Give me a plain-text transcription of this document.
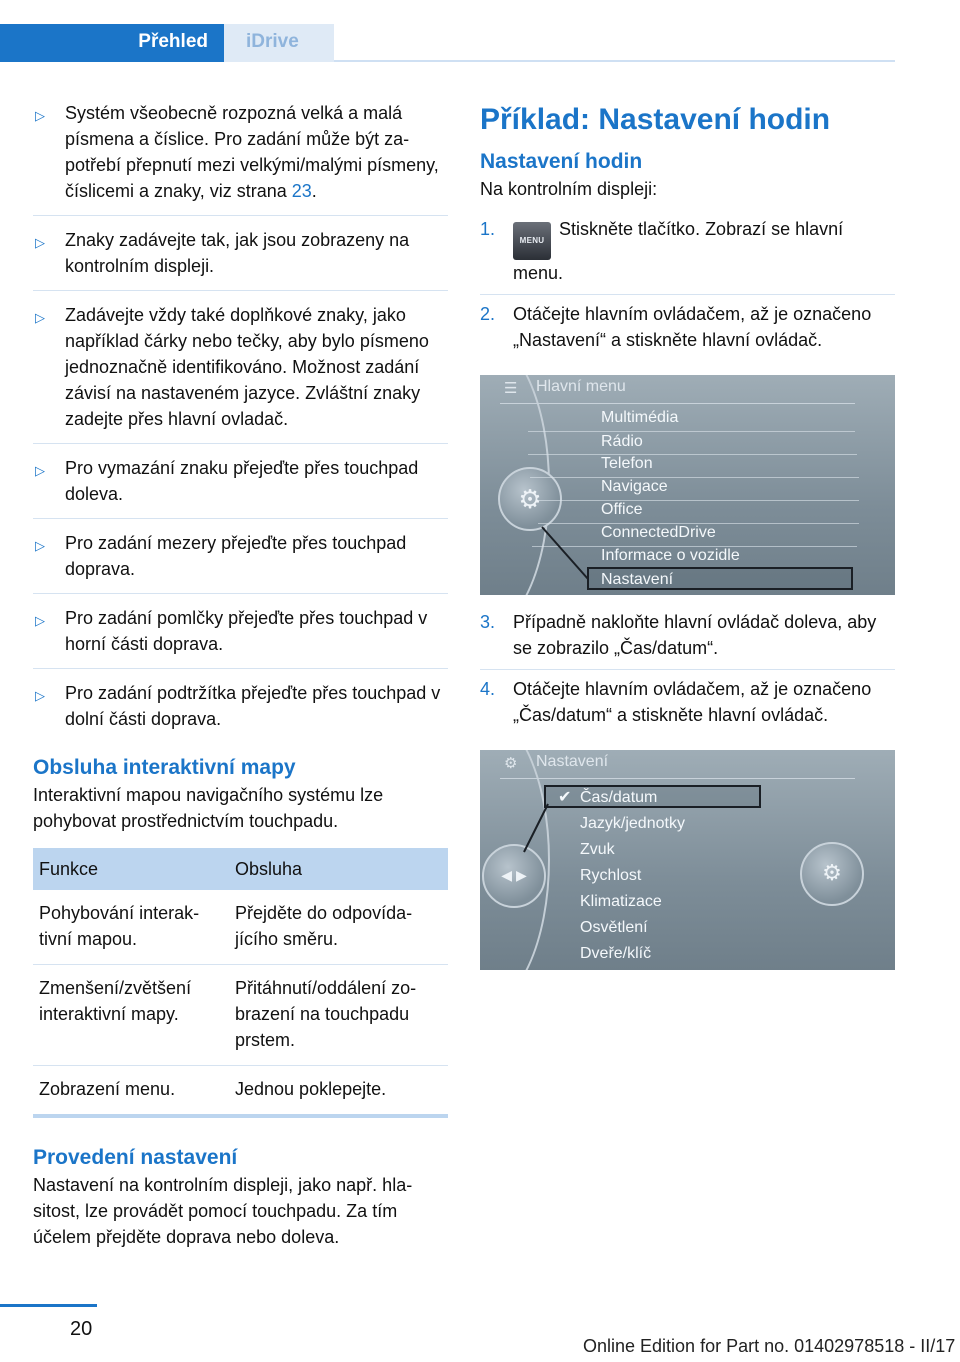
Přehled	iDrive
▷ Systém všeobecně rozpozná velká a malá písmena a číslice. Pro zadání může být zapotřebí přepnutí mezi velkými/malými písmeny, číslicemi a znaky, viz strana 23.
▷ Znaky zadávejte tak, jak jsou zobrazeny na kontrolním displeji.
▷ Zadávejte vždy také doplňkové znaky, jako například čárky nebo tečky, aby bylo písmeno jednoznačně identifikováno. Možnost zadání závisí na nastaveném jazyce. Zvláštní znaky zadejte přes hlavní ovladač.
▷ Pro vymazání znaku přejeďte přes touchpad doleva.
▷ Pro zadání mezery přejeďte přes touchpad doprava.
▷ Pro zadání pomlčky přejeďte přes touchpad v horní části doprava.
▷ Pro zadání podtržítka přejeďte přes touchpad v dolní části doprava.
Obsluha interaktivní mapy

Interaktivní mapou navigačního systému lze pohybovat prostřednictvím touchpadu.

Funkce	Obsluha
Pohybování interaktivní mapou.	Přejděte do odpovídajícího směru.
Zmenšení/zvětšení interaktivní mapy.	Přitáhnutí/oddálení zobrazení na touchpadu prstem.
Zobrazení menu.	Jednou poklepejte.
Provedení nastavení

Nastavení na kontrolním displeji, jako např. hlasitost, lze provádět pomocí touchpadu. Za tím účelem přejděte doprava nebo doleva.

Příklad: Nastavení hodin
Nastavení hodin

Na kontrolním displeji:

1.
MENUStiskněte tlačítko. Zobrazí se hlavní menu.
2. Otáčejte hlavním ovládačem, až je označeno „Nastavení“ a stiskněte hlavní ovládač.
☰ Hlavní menu
⚙
Multimédia
Rádio
Telefon
Navigace
Office
ConnectedDrive
Informace o vozidle
Nastavení
3. Případně nakloňte hlavní ovládač doleva, aby se zobrazilo „Čas/datum“.
4. Otáčejte hlavním ovládačem, až je označeno „Čas/datum“ a stiskněte hlavní ovládač.
⚙ Nastavení
◀ ▶	⚙
✔ Čas/datum
Jazyk/jednotky
Zvuk
Rychlost
Klimatizace
Osvětlení
Dveře/klíč
20
Online Edition for Part no. 01402978518 - II/17
